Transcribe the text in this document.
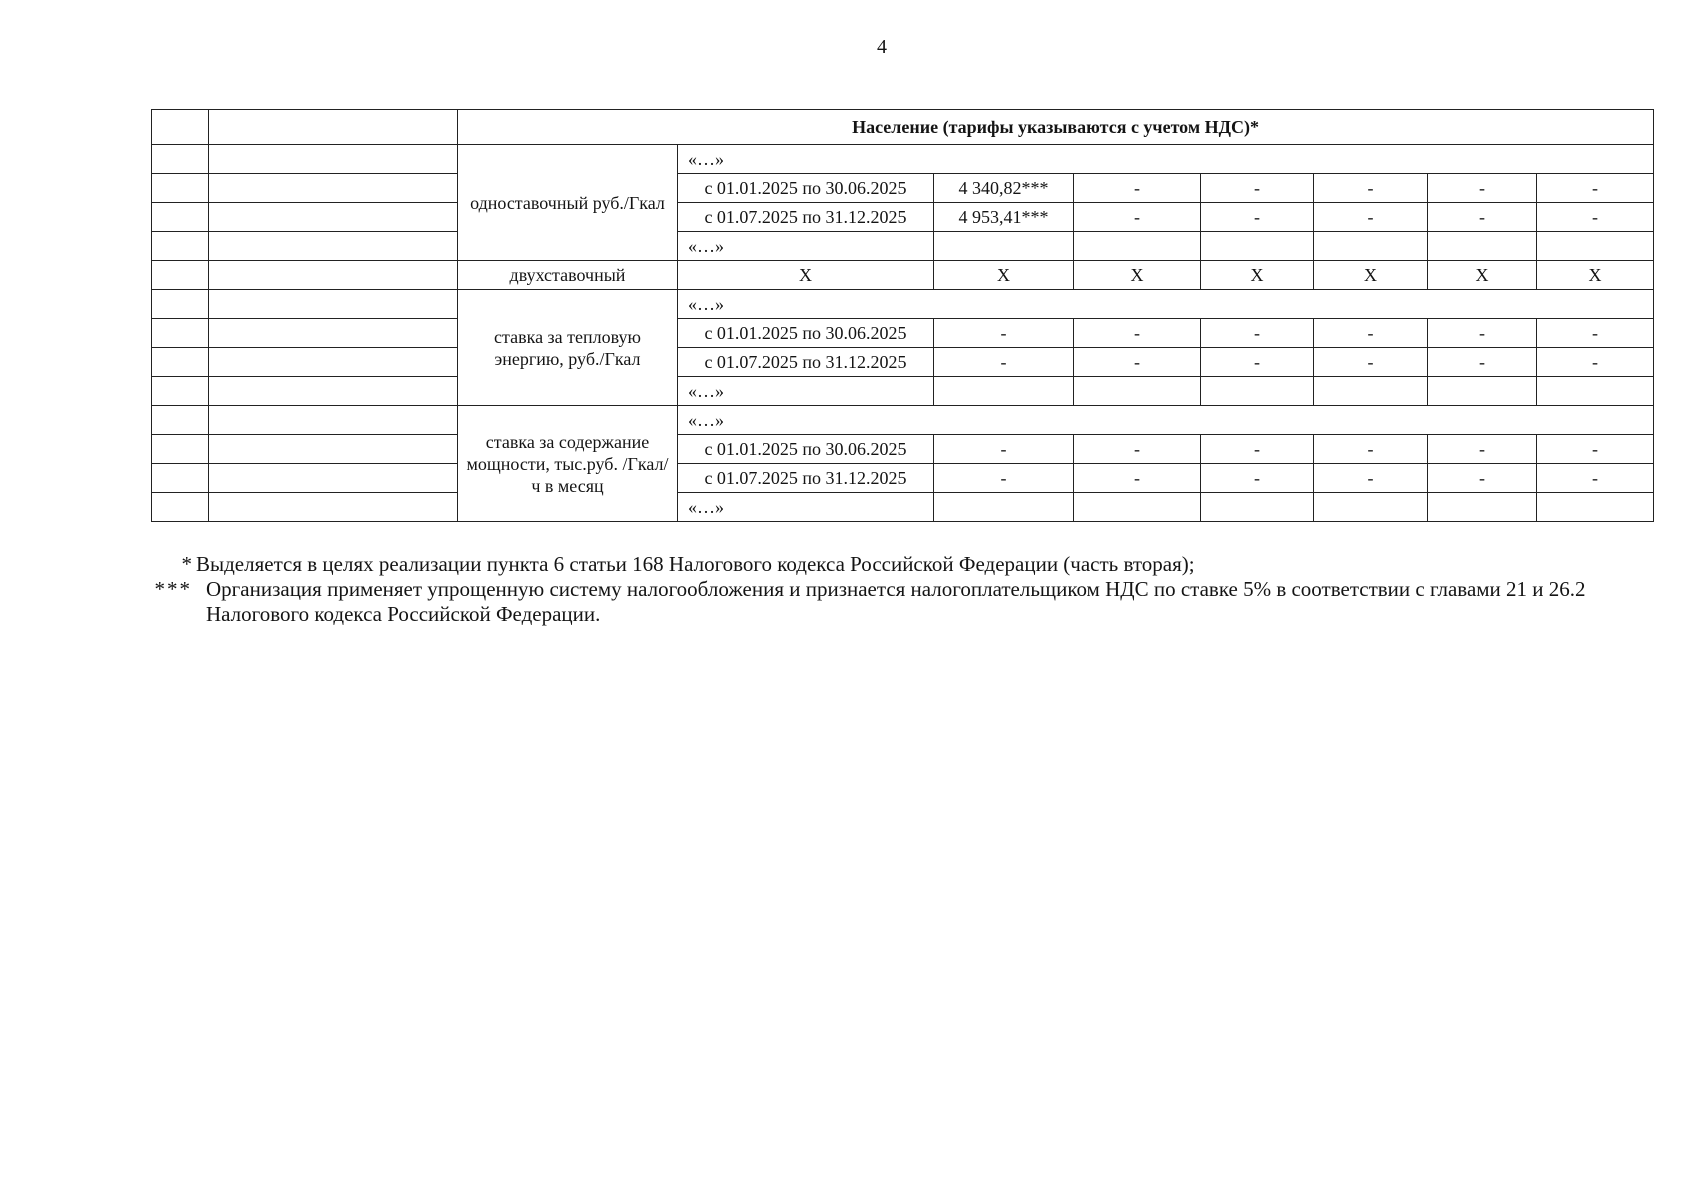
4
		Население (тарифы указываются с учетом НДС)*							
		одноставочный руб./Гкал	«…»						
			с 01.01.2025 по 30.06.2025	4 340,82***	-	-	-	-	-
			с 01.07.2025 по 31.12.2025	4 953,41***	-	-	-	-	-
			«…»						
		двухставочный	X	X	X	X	X	X	X
		ставка за тепловую энергию, руб./Гкал	«…»						
			с 01.01.2025 по 30.06.2025	-	-	-	-	-	-
			с 01.07.2025 по 31.12.2025	-	-	-	-	-	-
			«…»						
		ставка за содержание мощности, тыс.руб. /Гкал/ч в месяц	«…»						
			с 01.01.2025 по 30.06.2025	-	-	-	-	-	-
			с 01.07.2025 по 31.12.2025	-	-	-	-	-	-
			«…»						
* Выделяется в целях реализации пункта 6 статьи 168 Налогового кодекса Российской Федерации (часть вторая);
*** Организация применяет упрощенную систему налогообложения и признается налогоплательщиком НДС по ставке 5% в соответствии с главами 21 и 26.2 Налогового кодекса Российской Федерации.
